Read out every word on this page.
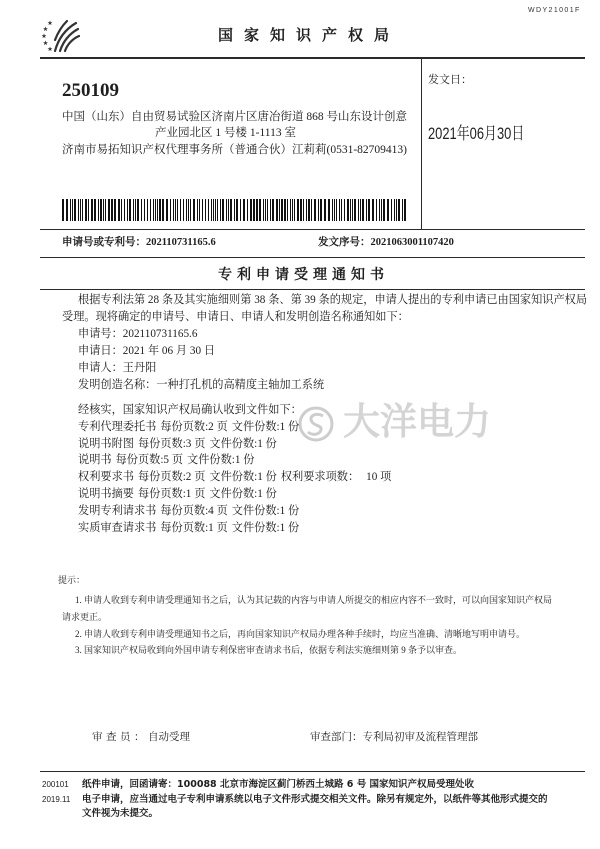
WDY21001F
国家知识产权局
250109
中国（山东）自由贸易试验区济南片区唐冶街道 868 号山东设计创意
产业园北区 1 号楼 1-1113 室
济南市易拓知识产权代理事务所（普通合伙）江莉莉(0531-82709413)
发文日：
2021年06月30日
申请号或专利号：202110731165.6	发文序号：2021063001107420
专利申请受理通知书
大洋电力
根据专利法第 28 条及其实施细则第 38 条、第 39 条的规定，申请人提出的专利申请已由国家知识产权局
受理。现将确定的申请号、申请日、申请人和发明创造名称通知如下：
申请号：202110731165.6
申请日：2021 年 06 月 30 日
申请人：王丹阳
发明创造名称：一种打孔机的高精度主轴加工系统
经核实，国家知识产权局确认收到文件如下：
专利代理委托书 每份页数:2 页 文件份数:1 份
说明书附图 每份页数:3 页 文件份数:1 份
说明书 每份页数:5 页 文件份数:1 份
权利要求书 每份页数:2 页 文件份数:1 份 权利要求项数： 10 项
说明书摘要 每份页数:1 页 文件份数:1 份
发明专利请求书 每份页数:4 页 文件份数:1 份
实质审查请求书 每份页数:1 页 文件份数:1 份
提示：
1. 申请人收到专利申请受理通知书之后，认为其记载的内容与申请人所提交的相应内容不一致时，可以向国家知识产权局
请求更正。
2. 申请人收到专利申请受理通知书之后，再向国家知识产权局办理各种手续时，均应当准确、清晰地写明申请号。
3. 国家知识产权局收到向外国申请专利保密审查请求书后，依据专利法实施细则第 9 条予以审查。
审查员：自动受理	审查部门：专利局初审及流程管理部
200101
2019.11
纸件申请，回函请寄：100088 北京市海淀区蓟门桥西土城路 6 号 国家知识产权局受理处收
电子申请，应当通过电子专利申请系统以电子文件形式提交相关文件。除另有规定外，以纸件等其他形式提交的
文件视为未提交。
